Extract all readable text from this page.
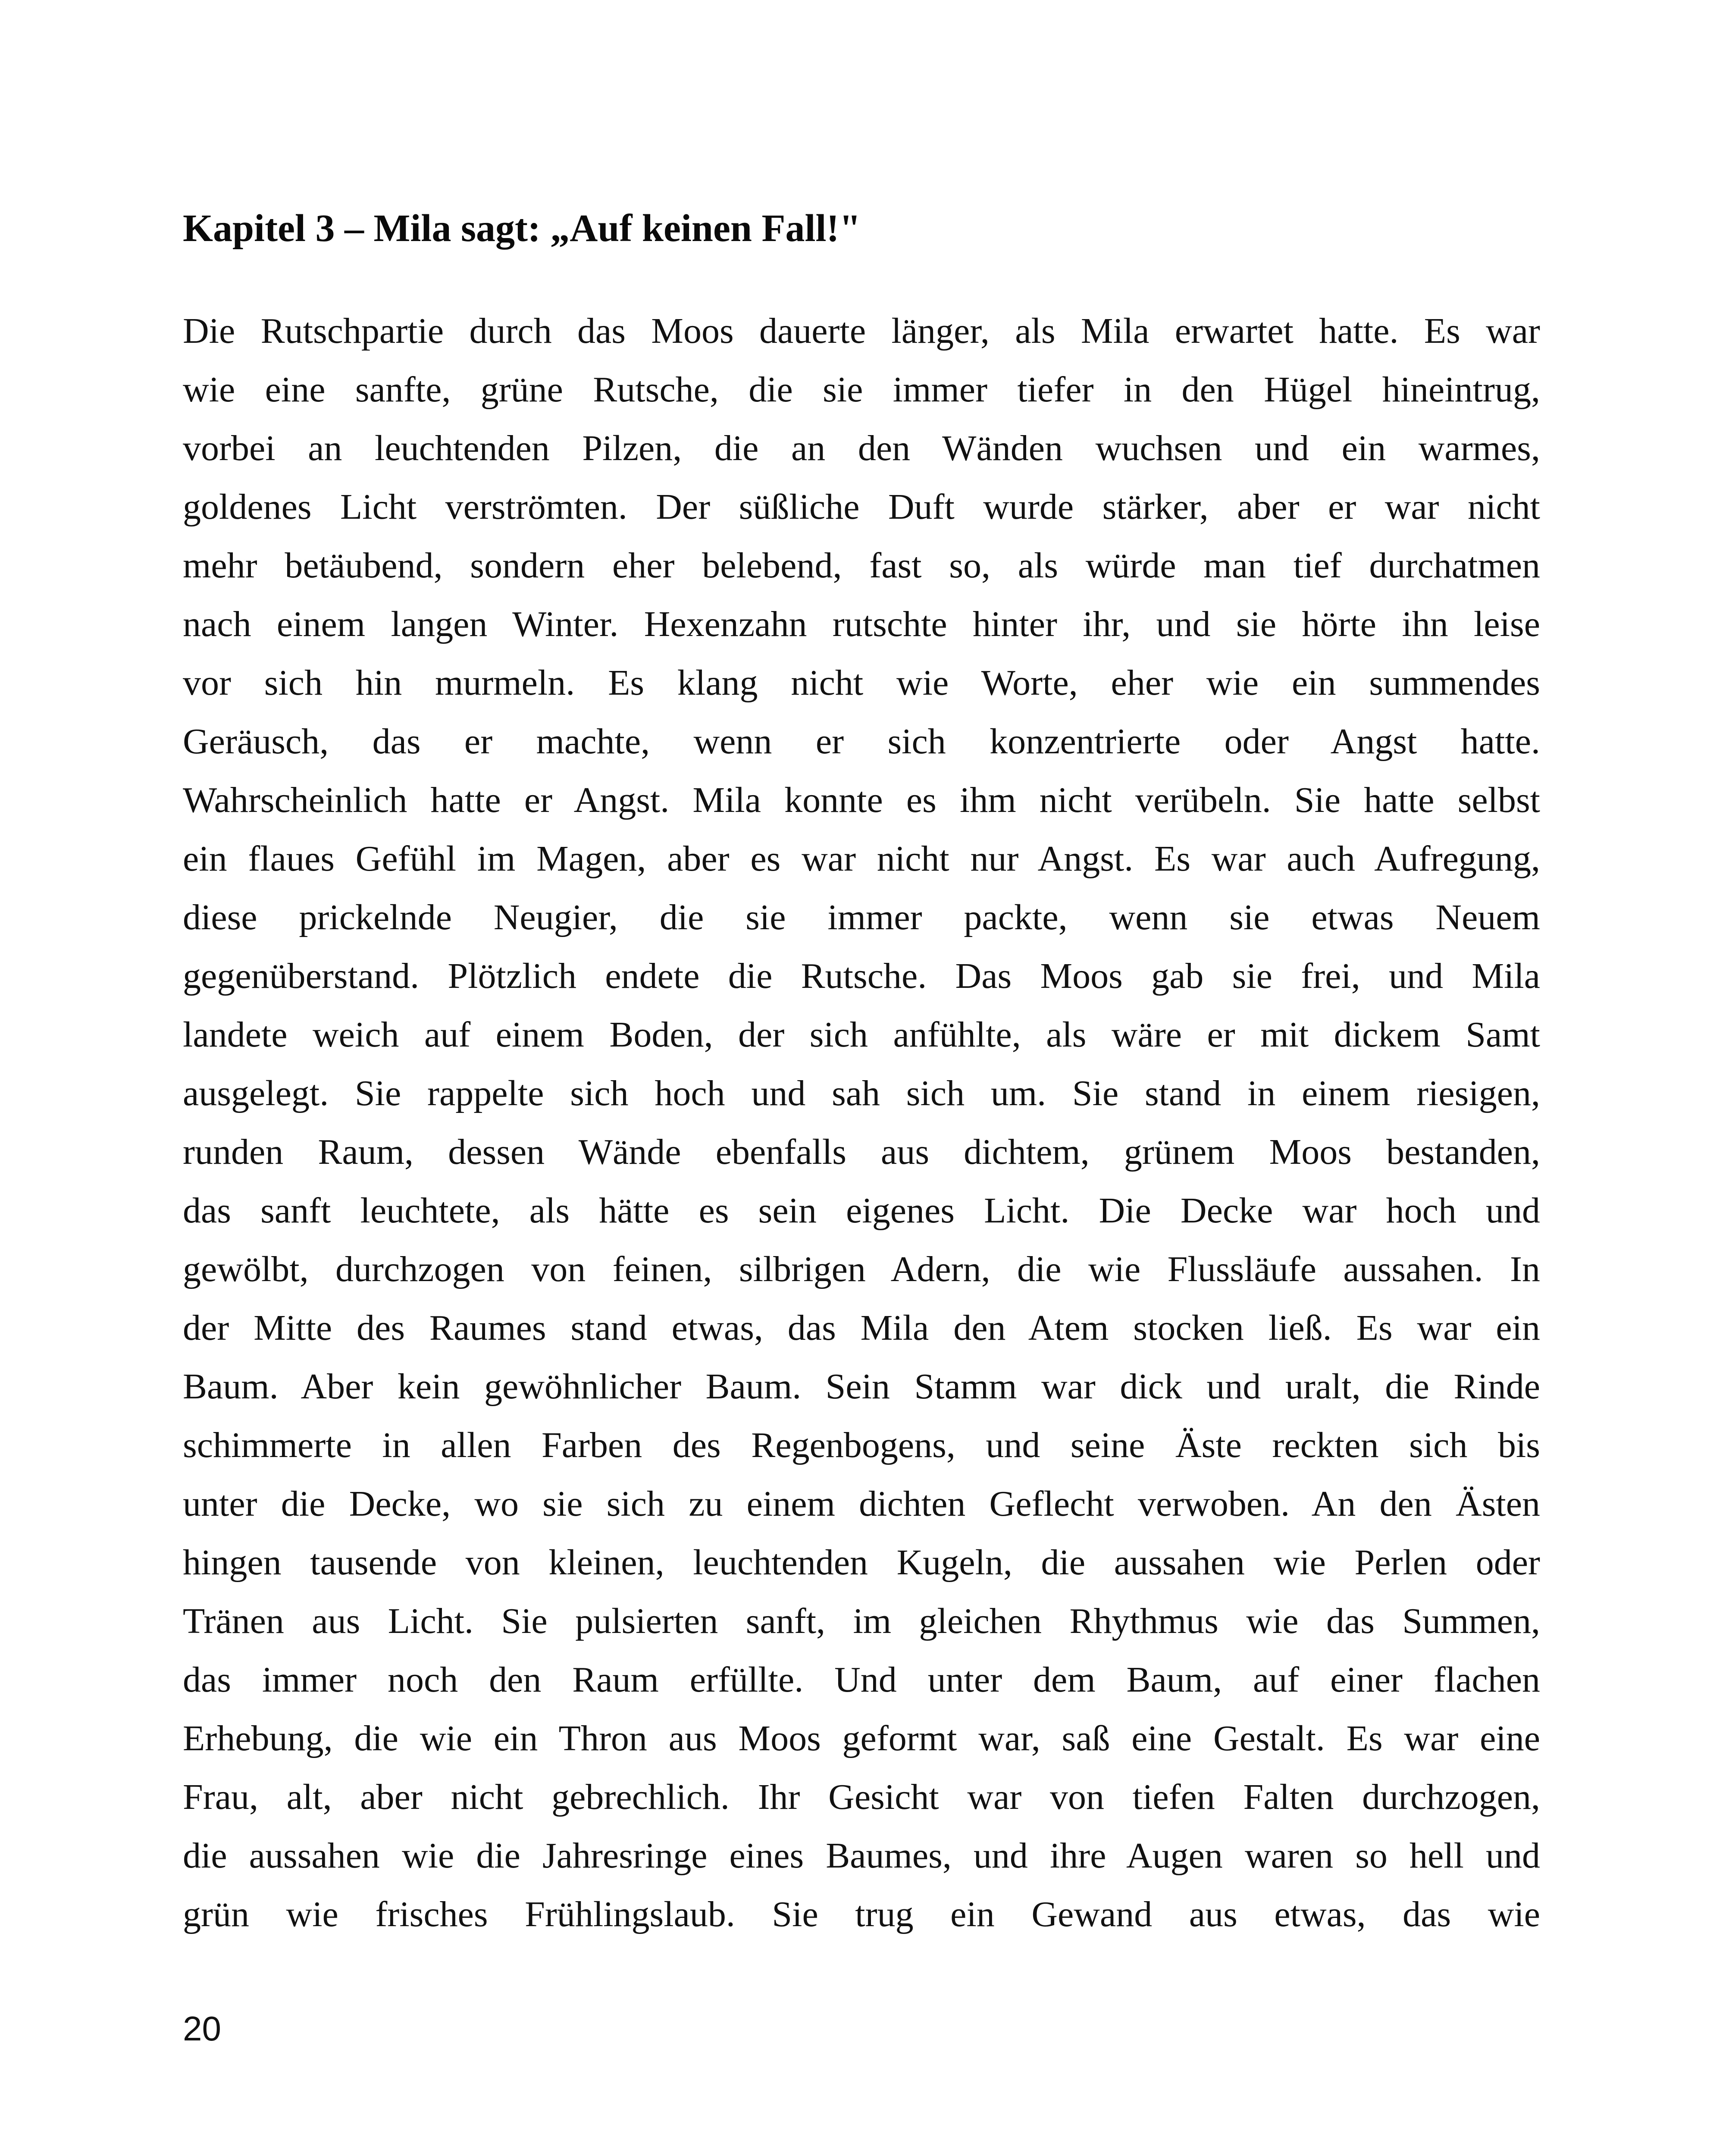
Kapitel 3 – Mila sagt: „Auf keinen Fall!"
Die Rutschpartie durch das Moos dauerte länger, als Mila erwartet hatte. Es war
wie eine sanfte, grüne Rutsche, die sie immer tiefer in den Hügel hineintrug,
vorbei an leuchtenden Pilzen, die an den Wänden wuchsen und ein warmes,
goldenes Licht verströmten. Der süßliche Duft wurde stärker, aber er war nicht
mehr betäubend, sondern eher belebend, fast so, als würde man tief durchatmen
nach einem langen Winter. Hexenzahn rutschte hinter ihr, und sie hörte ihn leise
vor sich hin murmeln. Es klang nicht wie Worte, eher wie ein summendes
Geräusch, das er machte, wenn er sich konzentrierte oder Angst hatte.
Wahrscheinlich hatte er Angst. Mila konnte es ihm nicht verübeln. Sie hatte selbst
ein flaues Gefühl im Magen, aber es war nicht nur Angst. Es war auch Aufregung,
diese prickelnde Neugier, die sie immer packte, wenn sie etwas Neuem
gegenüberstand. Plötzlich endete die Rutsche. Das Moos gab sie frei, und Mila
landete weich auf einem Boden, der sich anfühlte, als wäre er mit dickem Samt
ausgelegt. Sie rappelte sich hoch und sah sich um. Sie stand in einem riesigen,
runden Raum, dessen Wände ebenfalls aus dichtem, grünem Moos bestanden,
das sanft leuchtete, als hätte es sein eigenes Licht. Die Decke war hoch und
gewölbt, durchzogen von feinen, silbrigen Adern, die wie Flussläufe aussahen. In
der Mitte des Raumes stand etwas, das Mila den Atem stocken ließ. Es war ein
Baum. Aber kein gewöhnlicher Baum. Sein Stamm war dick und uralt, die Rinde
schimmerte in allen Farben des Regenbogens, und seine Äste reckten sich bis
unter die Decke, wo sie sich zu einem dichten Geflecht verwoben. An den Ästen
hingen tausende von kleinen, leuchtenden Kugeln, die aussahen wie Perlen oder
Tränen aus Licht. Sie pulsierten sanft, im gleichen Rhythmus wie das Summen,
das immer noch den Raum erfüllte. Und unter dem Baum, auf einer flachen
Erhebung, die wie ein Thron aus Moos geformt war, saß eine Gestalt. Es war eine
Frau, alt, aber nicht gebrechlich. Ihr Gesicht war von tiefen Falten durchzogen,
die aussahen wie die Jahresringe eines Baumes, und ihre Augen waren so hell und
grün wie frisches Frühlingslaub. Sie trug ein Gewand aus etwas, das wie
20
